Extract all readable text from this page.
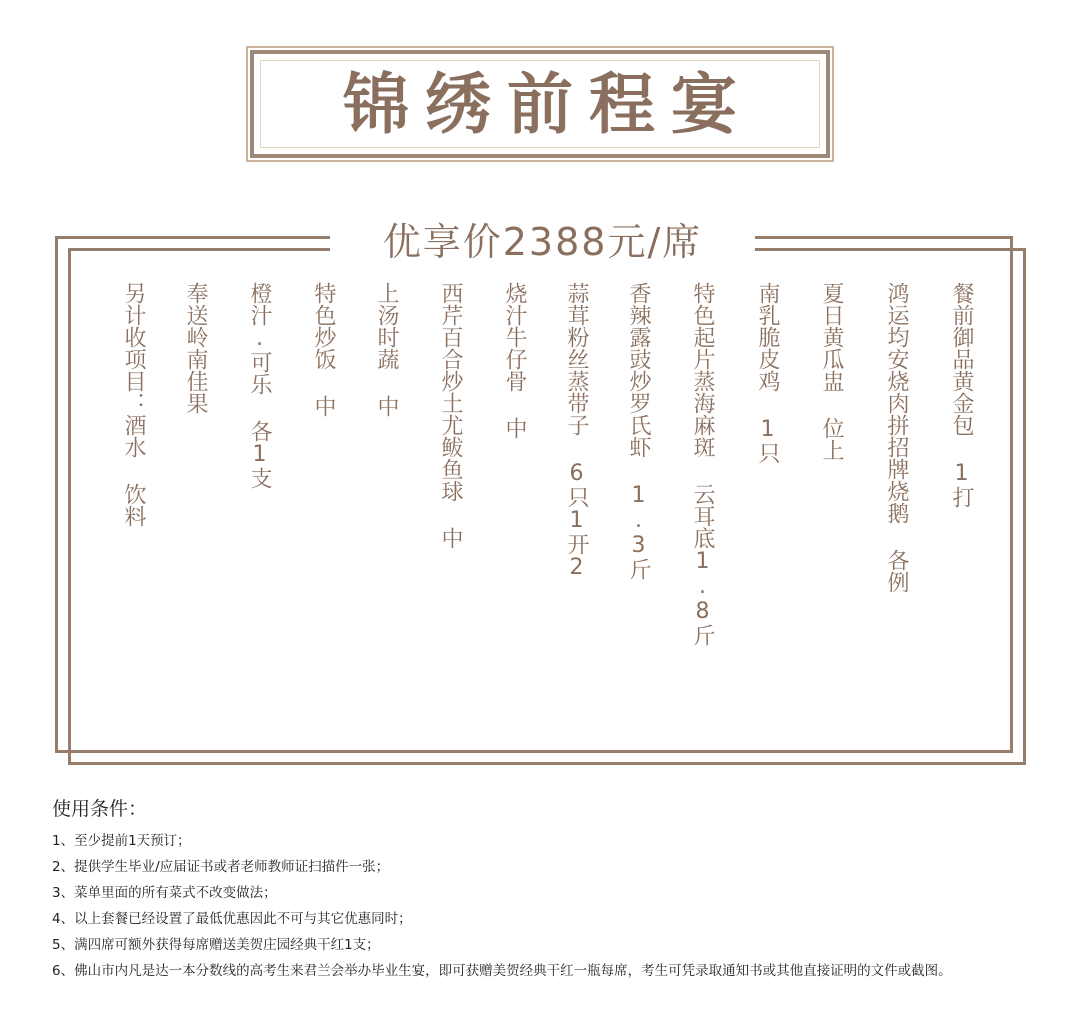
锦绣前程宴
优享价2388元/席
餐前御品黄金包 1打
鸿运均安烧肉拼招牌烧鹅 各例
夏日黄瓜盅 位上
南乳脆皮鸡 1只
特色起片蒸海麻斑 云耳底1.8斤
香辣露豉炒罗氏虾 1.3斤
蒜茸粉丝蒸带子 6只1开2
烧汁牛仔骨 中
西芹百合炒土尤鲅鱼球 中
上汤时蔬 中
特色炒饭 中
橙汁.可乐 各1支
奉送岭南佳果
另计收项目：酒水 饮料
使用条件：
1、至少提前1天预订；
2、提供学生毕业/应届证书或者老师教师证扫描件一张；
3、菜单里面的所有菜式不改变做法；
4、以上套餐已经设置了最低优惠因此不可与其它优惠同时；
5、满四席可额外获得每席赠送美贺庄园经典干红1支；
6、佛山市内凡是达一本分数线的高考生来君兰会举办毕业生宴，即可获赠美贺经典干红一瓶每席，考生可凭录取通知书或其他直接证明的文件或截图。
